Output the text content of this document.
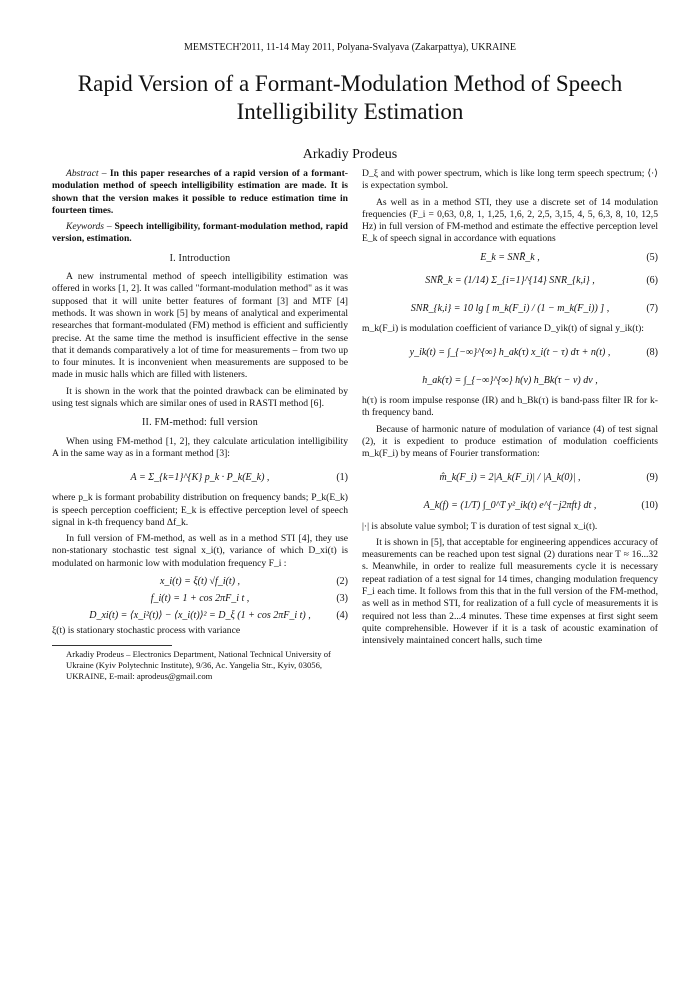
MEMSTECH'2011, 11-14 May 2011, Polyana-Svalyava (Zakarpattya), UKRAINE
Rapid Version of a Formant-Modulation Method of Speech Intelligibility Estimation
Arkadiy Prodeus

Abstract – In this paper researches of a rapid version of a formant-modulation method of speech intelligibility estimation are made. It is shown that the version makes it possible to reduce estimation time in fourteen times.

Keywords – Speech intelligibility, formant-modulation method, rapid version, estimation.

I. Introduction

A new instrumental method of speech intelligibility estimation was offered in works [1, 2]. It was called "formant-modulation method" as it was supposed that it will unite better features of formant [3] and MTF [4] methods. It was shown in work [5] by means of analytical and experimental researches that formant-modulated (FM) method is efficient and sufficiently precise. At the same time the method is insufficient effective in the sense that it demands comparatively a lot of time for measurements – from two up to four minutes. It is inconvenient when measurements are supposed to be made in music halls which are filled with listeners.

It is shown in the work that the pointed drawback can be eliminated by using test signals which are similar ones of used in RASTI method [6].

II. FM-method: full version

When using FM-method [1, 2], they calculate articulation intelligibility A in the same way as in a formant method [3]:

A = Σ_{k=1}^{K} p_k · P_k(E_k) ,	(1)

where p_k is formant probability distribution on frequency bands; P_k(E_k) is speech perception coefficient; E_k is effective perception level of speech signal in k-th frequency band Δf_k.

In full version of FM-method, as well as in a method STI [4], they use non-stationary stochastic test signal x_i(t), variance of which D_xi(t) is modulated on harmonic low with modulation frequency F_i :

x_i(t) = ξ(t) √f_i(t) ,	(2)
f_i(t) = 1 + cos 2πF_i t ,	(3)
D_xi(t) = ⟨x_i²(t)⟩ − ⟨x_i(t)⟩² = D_ξ (1 + cos 2πF_i t) ,	(4)

ξ(t) is stationary stochastic process with variance

Arkadiy Prodeus – Electronics Department, National Technical University of Ukraine (Kyiv Polytechnic Institute), 9/36, Ac. Yangelia Str., Kyiv, 03056, UKRAINE, E-mail: aprodeus@gmail.com

D_ξ and with power spectrum, which is like long term speech spectrum; ⟨·⟩ is expectation symbol.

As well as in a method STI, they use a discrete set of 14 modulation frequencies (F_i = 0,63, 0,8, 1, 1,25, 1,6, 2, 2,5, 3,15, 4, 5, 6,3, 8, 10, 12,5 Hz) in full version of FM-method and estimate the effective perception level E_k of speech signal in accordance with equations

E_k = SNR̄_k ,	(5)
SNR̄_k = (1/14) Σ_{i=1}^{14} SNR_{k,i} ,	(6)
SNR_{k,i} = 10 lg [ m_k(F_i) / (1 − m_k(F_i)) ] ,	(7)

m_k(F_i) is modulation coefficient of variance D_yik(t) of signal y_ik(t):

y_ik(t) = ∫_{−∞}^{∞} h_ak(τ) x_i(t − τ) dτ + n(t) ,	(8)
h_ak(τ) = ∫_{−∞}^{∞} h(v) h_Bk(τ − v) dv ,

h(τ) is room impulse response (IR) and h_Bk(τ) is band-pass filter IR for k-th frequency band.

Because of harmonic nature of modulation of variance (4) of test signal (2), it is expedient to produce estimation of modulation coefficients m_k(F_i) by means of Fourier transformation:

m̂_k(F_i) = 2|A_k(F_i)| / |A_k(0)| ,	(9)
A_k(f) = (1/T) ∫_0^T y²_ik(t) e^{−j2πft} dt ,	(10)

|·| is absolute value symbol; T is duration of test signal x_i(t).

It is shown in [5], that acceptable for engineering appendices accuracy of measurements can be reached upon test signal (2) durations near T ≈ 16...32 s. Meanwhile, in order to realize full measurements cycle it is necessary repeat radiation of a test signal for 14 times, changing modulation frequency F_i each time. It follows from this that in the full version of the FM-method, as well as in method STI, for realization of a full cycle of measurements it is required not less than 2...4 minutes. These time expenses at first sight seem quite comprehensible. However if it is a task of acoustic examination of intensively maintained concert halls, such time
